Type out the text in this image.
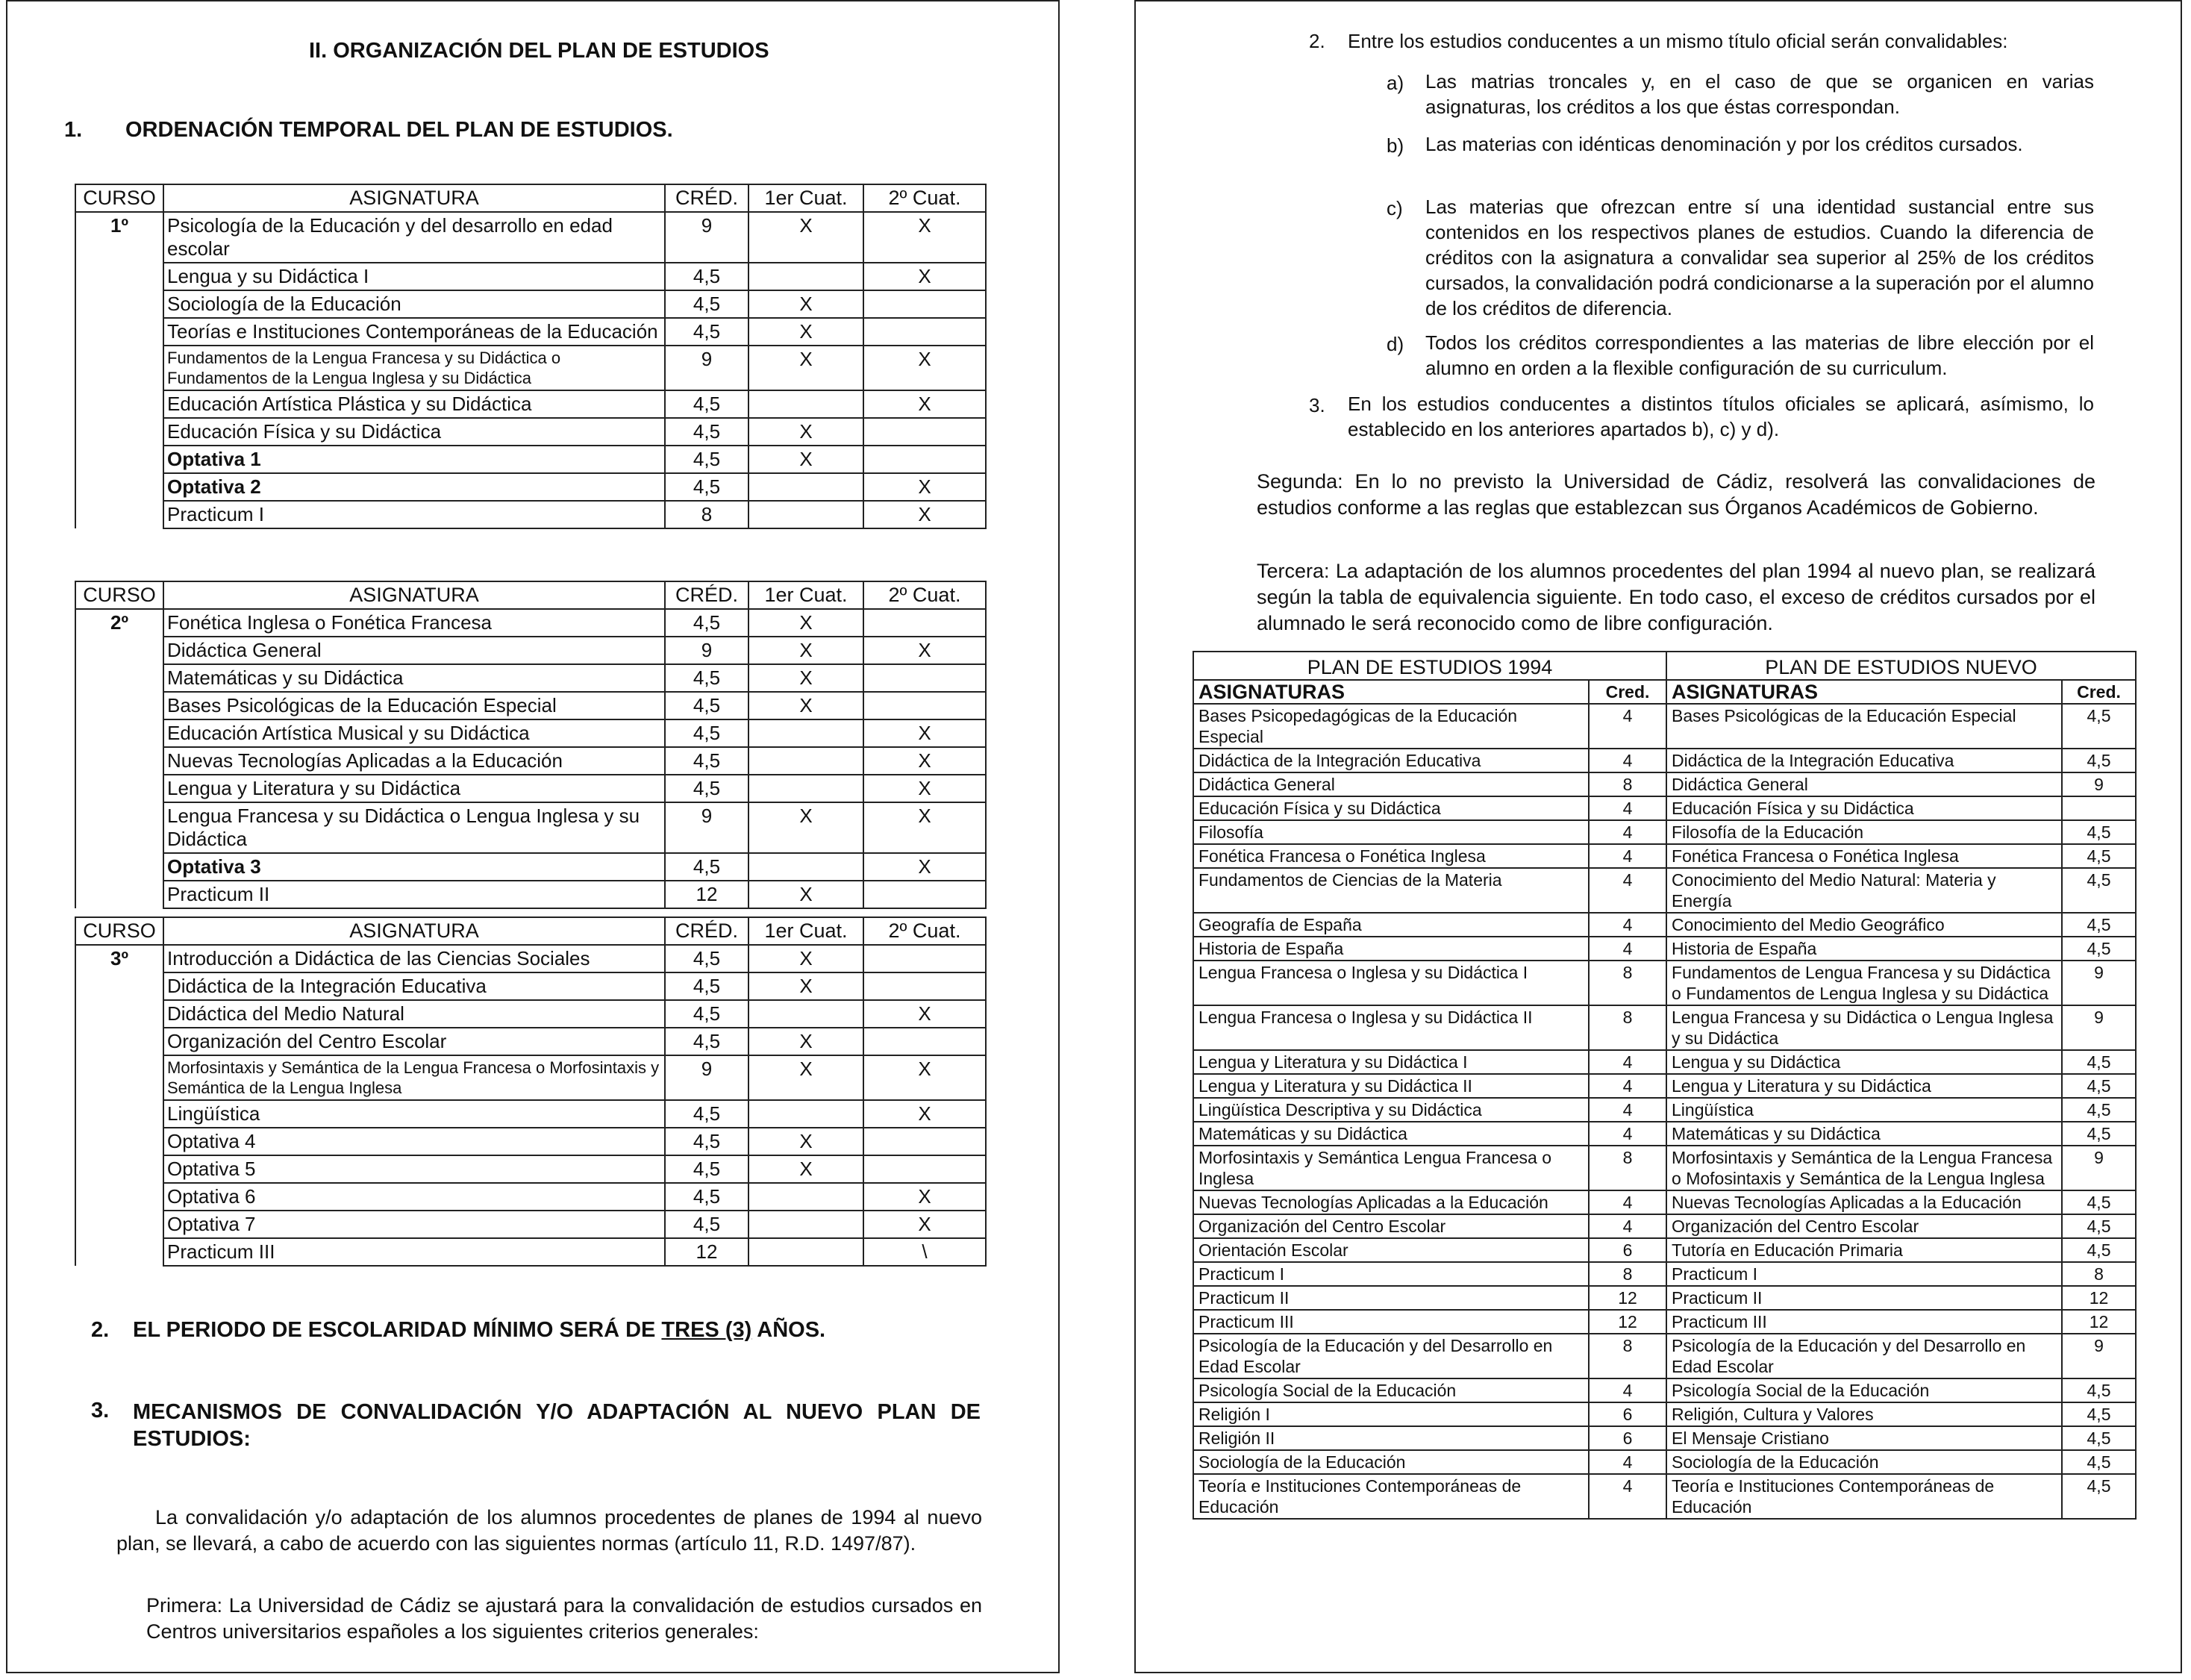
II. ORGANIZACIÓN DEL PLAN DE ESTUDIOS
1. ORDENACIÓN TEMPORAL DEL PLAN DE ESTUDIOS.
CURSO	ASIGNATURA	CRÉD.	1er Cuat.	2º Cuat.
1º	Psicología de la Educación y del desarrollo en edad escolar	9	X	X
	Lengua y su Didáctica I	4,5		X
	Sociología de la Educación	4,5	X	
	Teorías e Instituciones Contemporáneas de la Educación	4,5	X	
	Fundamentos de la Lengua Francesa y su Didáctica o Fundamentos de la Lengua Inglesa y su Didáctica	9	X	X
	Educación Artística Plástica y su Didáctica	4,5		X
	Educación Física y su Didáctica	4,5	X	
	Optativa 1	4,5	X	
	Optativa 2	4,5		X
	Practicum I	8		X
CURSO	ASIGNATURA	CRÉD.	1er Cuat.	2º Cuat.
2º	Fonética Inglesa o Fonética Francesa	4,5	X	
	Didáctica General	9	X	X
	Matemáticas y su Didáctica	4,5	X	
	Bases Psicológicas de la Educación Especial	4,5	X	
	Educación Artística Musical y su Didáctica	4,5		X
	Nuevas Tecnologías Aplicadas a la Educación	4,5		X
	Lengua y Literatura y su Didáctica	4,5		X
	Lengua Francesa y su Didáctica o Lengua Inglesa y su Didáctica	9	X	X
	Optativa 3	4,5		X
	Practicum II	12	X	
CURSO	ASIGNATURA	CRÉD.	1er Cuat.	2º Cuat.
3º	Introducción a Didáctica de las Ciencias Sociales	4,5	X	
	Didáctica de la Integración Educativa	4,5	X	
	Didáctica del Medio Natural	4,5		X
	Organización del Centro Escolar	4,5	X	
	Morfosintaxis y Semántica de la Lengua Francesa o Morfosintaxis y Semántica de la Lengua Inglesa	9	X	X
	Lingüística	4,5		X
	Optativa 4	4,5	X	
	Optativa 5	4,5	X	
	Optativa 6	4,5		X
	Optativa 7	4,5		X
	Practicum III	12		\
2. EL PERIODO DE ESCOLARIDAD MÍNIMO SERÁ DE TRES (3) AÑOS.
3. MECANISMOS DE CONVALIDACIÓN Y/O ADAPTACIÓN AL NUEVO PLAN DE ESTUDIOS:
La convalidación y/o adaptación de los alumnos procedentes de planes de 1994 al nuevo plan, se llevará, a cabo de acuerdo con las siguientes normas (artículo 11, R.D. 1497/87).
Primera: La Universidad de Cádiz se ajustará para la convalidación de estudios cursados en Centros universitarios españoles a los siguientes criterios generales:
2. Entre los estudios conducentes a un mismo título oficial serán convalidables:
a) Las matrias troncales y, en el caso de que se organicen en varias asignaturas, los créditos a los que éstas correspondan.
b) Las materias con idénticas denominación y por los créditos cursados.
c) Las materias que ofrezcan entre sí una identidad sustancial entre sus contenidos en los respectivos planes de estudios. Cuando la diferencia de créditos con la asignatura a convalidar sea superior al 25% de los créditos cursados, la convalidación podrá condicionarse a la superación por el alumno de los créditos de diferencia.
d) Todos los créditos correspondientes a las materias de libre elección por el alumno en orden a la flexible configuración de su curriculum.
3. En los estudios conducentes a distintos títulos oficiales se aplicará, asímismo, lo establecido en los anteriores apartados b), c) y d).
Segunda: En lo no previsto la Universidad de Cádiz, resolverá las convalidaciones de estudios conforme a las reglas que establezcan sus Órganos Académicos de Gobierno.
Tercera: La adaptación de los alumnos procedentes del plan 1994 al nuevo plan, se realizará según la tabla de equivalencia siguiente. En todo caso, el exceso de créditos cursados por el alumnado le será reconocido como de libre configuración.
PLAN DE ESTUDIOS 1994		PLAN DE ESTUDIOS NUEVO	
ASIGNATURAS	Cred.	ASIGNATURAS	Cred.
Bases Psicopedagógicas de la Educación Especial	4	Bases Psicológicas de la Educación Especial	4,5
Didáctica de la Integración Educativa	4	Didáctica de la Integración Educativa	4,5
Didáctica General	8	Didáctica General	9
Educación Física y su Didáctica	4	Educación Física y su Didáctica	
Filosofía	4	Filosofía de la Educación	4,5
Fonética Francesa o Fonética Inglesa	4	Fonética Francesa o Fonética Inglesa	4,5
Fundamentos de Ciencias de la Materia	4	Conocimiento del Medio Natural: Materia y Energía	4,5
Geografía de España	4	Conocimiento del Medio Geográfico	4,5
Historia de España	4	Historia de España	4,5
Lengua Francesa o Inglesa y su Didáctica I	8	Fundamentos de Lengua Francesa y su Didáctica o Fundamentos de Lengua Inglesa y su Didáctica	9
Lengua Francesa o Inglesa y su Didáctica II	8	Lengua Francesa y su Didáctica o Lengua Inglesa y su Didáctica	9
Lengua y Literatura y su Didáctica I	4	Lengua y su Didáctica	4,5
Lengua y Literatura y su Didáctica II	4	Lengua y Literatura y su Didáctica	4,5
Lingüística Descriptiva y su Didáctica	4	Lingüística	4,5
Matemáticas y su Didáctica	4	Matemáticas y su Didáctica	4,5
Morfosintaxis y Semántica Lengua Francesa o Inglesa	8	Morfosintaxis y Semántica de la Lengua Francesa o Mofosintaxis y Semántica de la Lengua Inglesa	9
Nuevas Tecnologías Aplicadas a la Educación	4	Nuevas Tecnologías Aplicadas a la Educación	4,5
Organización del Centro Escolar	4	Organización del Centro Escolar	4,5
Orientación Escolar	6	Tutoría en Educación Primaria	4,5
Practicum I	8	Practicum I	8
Practicum II	12	Practicum II	12
Practicum III	12	Practicum III	12
Psicología de la Educación y del Desarrollo en Edad Escolar	8	Psicología de la Educación y del Desarrollo en Edad Escolar	9
Psicología Social de la Educación	4	Psicología Social de la Educación	4,5
Religión I	6	Religión, Cultura y Valores	4,5
Religión II	6	El Mensaje Cristiano	4,5
Sociología de la Educación	4	Sociología de la Educación	4,5
Teoría e Instituciones Contemporáneas de Educación	4	Teoría e Instituciones Contemporáneas de Educación	4,5
